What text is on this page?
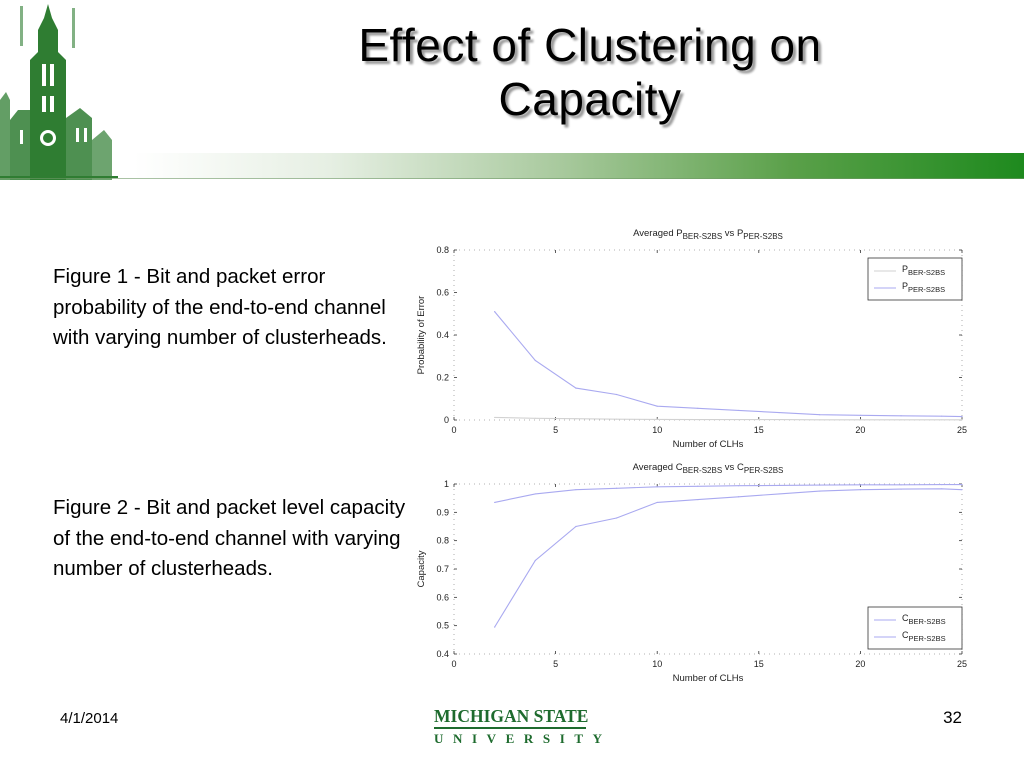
Effect of Clustering on
Capacity
Figure 1 - Bit and packet error probability of the end-to-end channel with varying number of clusterheads.
Figure 2 - Bit and packet level capacity of the end-to-end channel with varying number of clusterheads.
Averaged $P_{BER-S2BS}$ vs $P_{PER-S2BS}$
0
0.2
0.4
0.6
0.8
0	5	10	15	20	25
Number of CLHs
Probability of Error
$P_{BER-S2BS}$
$P_{PER-S2BS}$
Averaged $C_{BER-S2BS}$ vs $C_{PER-S2BS}$
0.4
0.5
0.6
0.7
0.8
0.9
1
0	5	10	15	20	25
Number of CLHs
Capacity
$C_{BER-S2BS}$
$C_{PER-S2BS}$
4/1/2014	MICHIGAN STATE
UNIVERSITY
32
